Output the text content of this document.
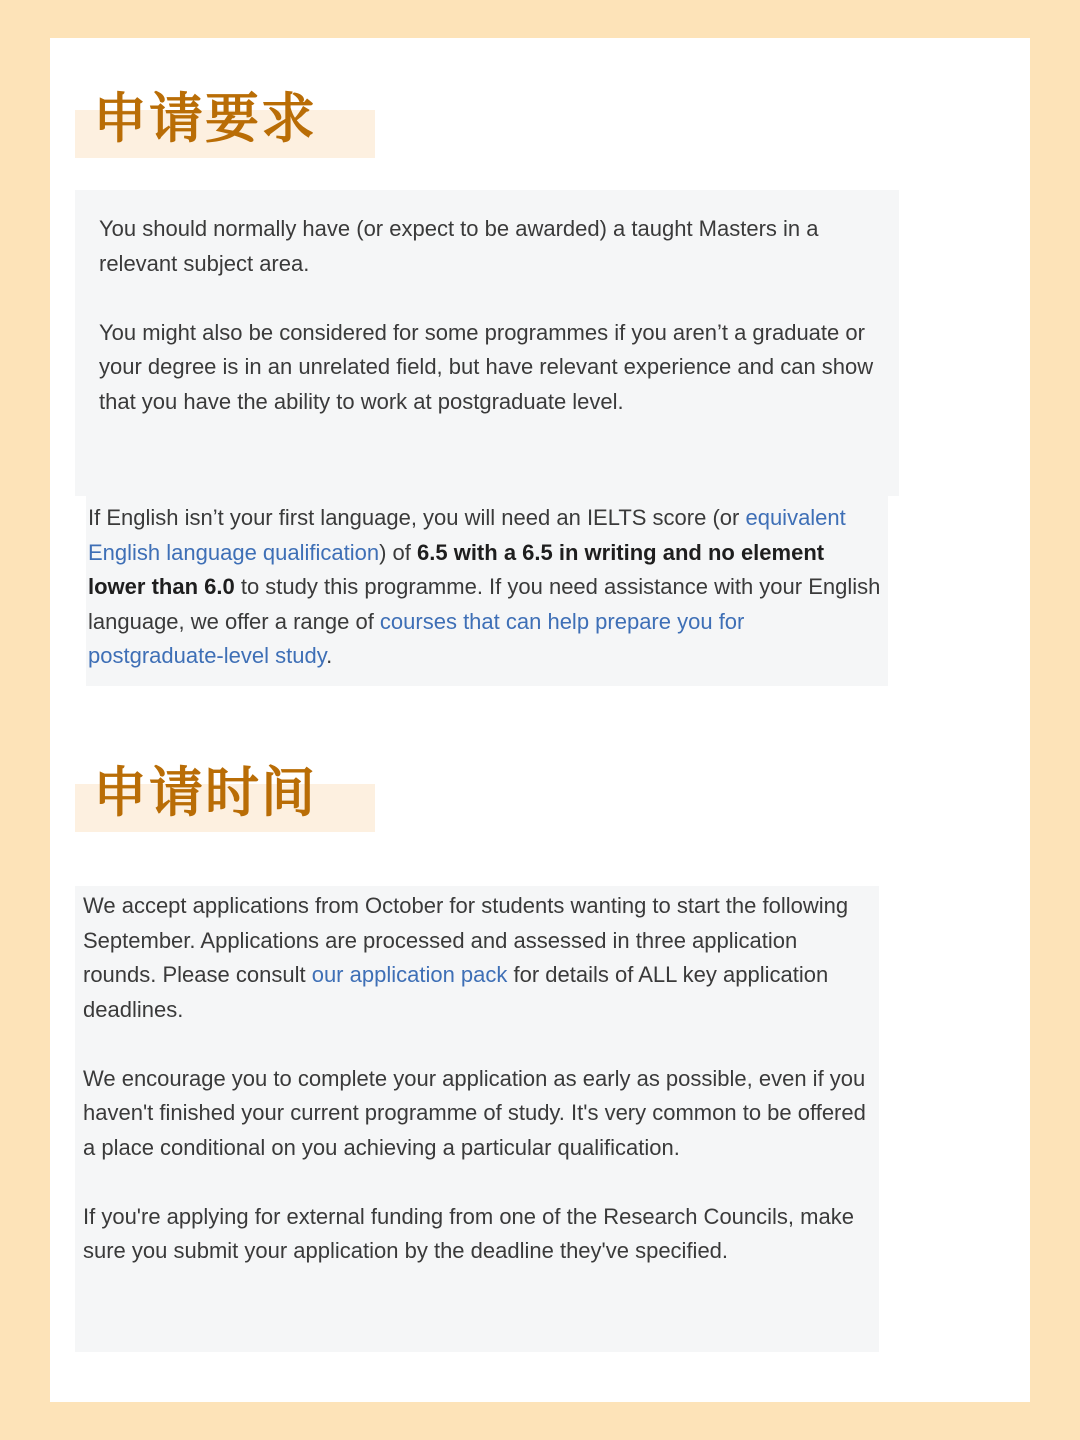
申请要求

You should normally have (or expect to be awarded) a taught Masters in a relevant subject area.

You might also be considered for some programmes if you aren’t a graduate or your degree is in an unrelated field, but have relevant experience and can show that you have the ability to work at postgraduate level.

If English isn’t your first language, you will need an IELTS score (or equivalent English language qualification) of 6.5 with a 6.5 in writing and no element lower than 6.0 to study this programme. If you need assistance with your English language, we offer a range of courses that can help prepare you for postgraduate-level study.

申请时间

We accept applications from October for students wanting to start the following September. Applications are processed and assessed in three application rounds. Please consult our application pack for details of ALL key application deadlines.

We encourage you to complete your application as early as possible, even if you haven't finished your current programme of study. It's very common to be offered a place conditional on you achieving a particular qualification.

If you're applying for external funding from one of the Research Councils, make sure you submit your application by the deadline they've specified.
